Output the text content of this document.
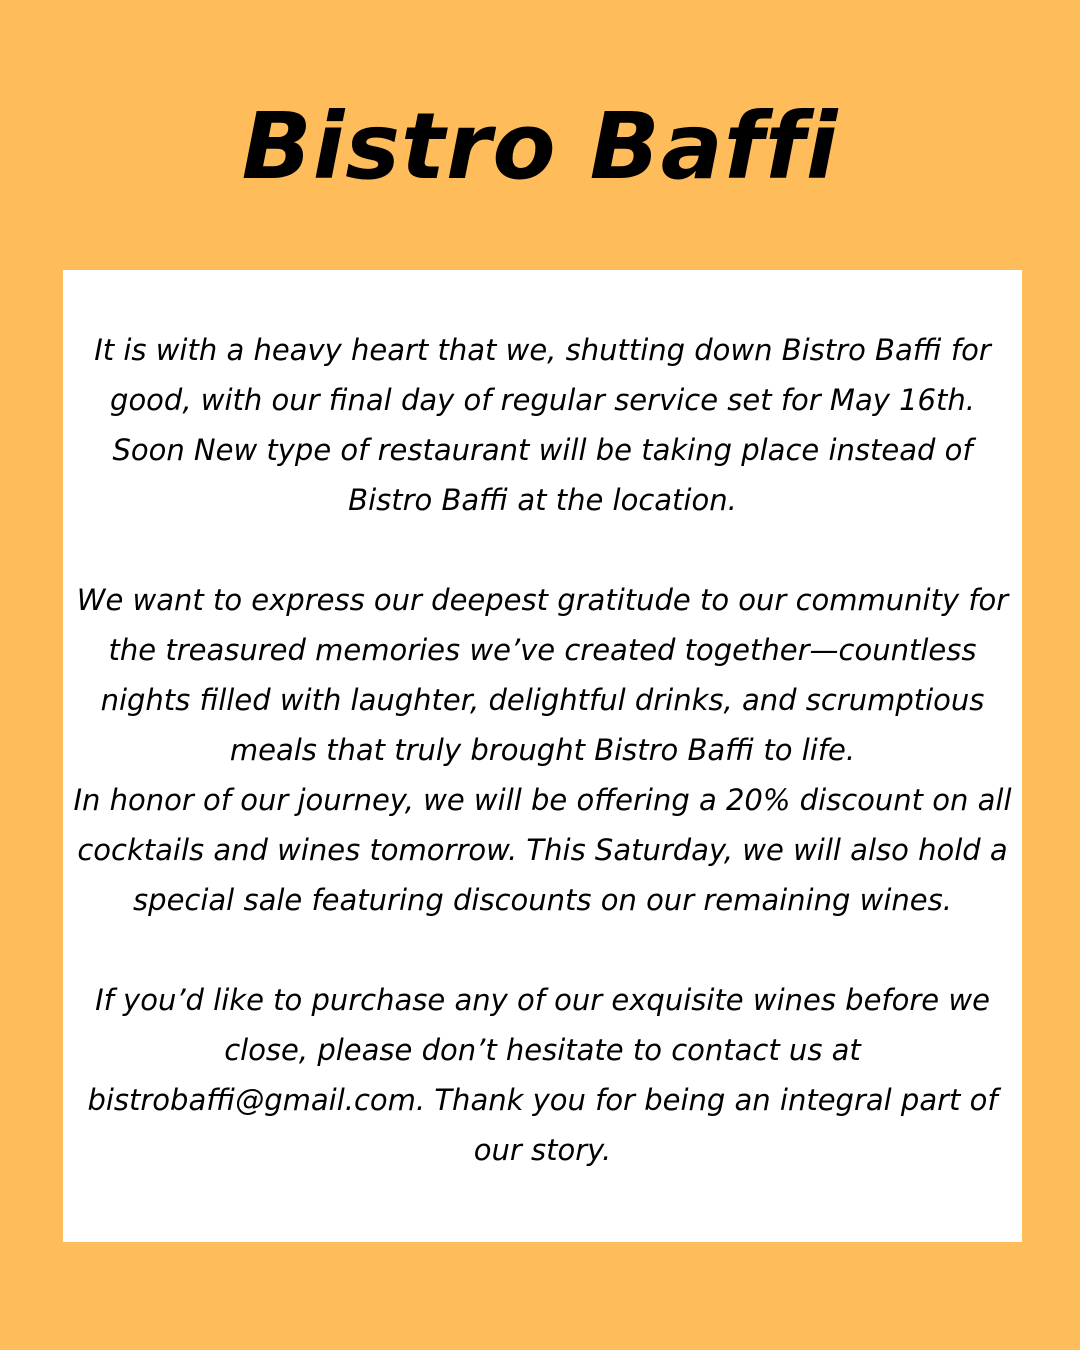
Bistro Baffi

It is with a heavy heart that we, shutting down Bistro Baffi for good, with our final day of regular service set for May 16th. Soon New type of restaurant will be taking place instead of Bistro Baffi at the location.

We want to express our deepest gratitude to our community for the treasured memories we’ve created together—countless nights filled with laughter, delightful drinks, and scrumptious meals that truly brought Bistro Baffi to life.

In honor of our journey, we will be offering a 20% discount on all cocktails and wines tomorrow. This Saturday, we will also hold a special sale featuring discounts on our remaining wines.

If you’d like to purchase any of our exquisite wines before we close, please don’t hesitate to contact us at bistrobaffi@gmail.com. Thank you for being an integral part of our story.
